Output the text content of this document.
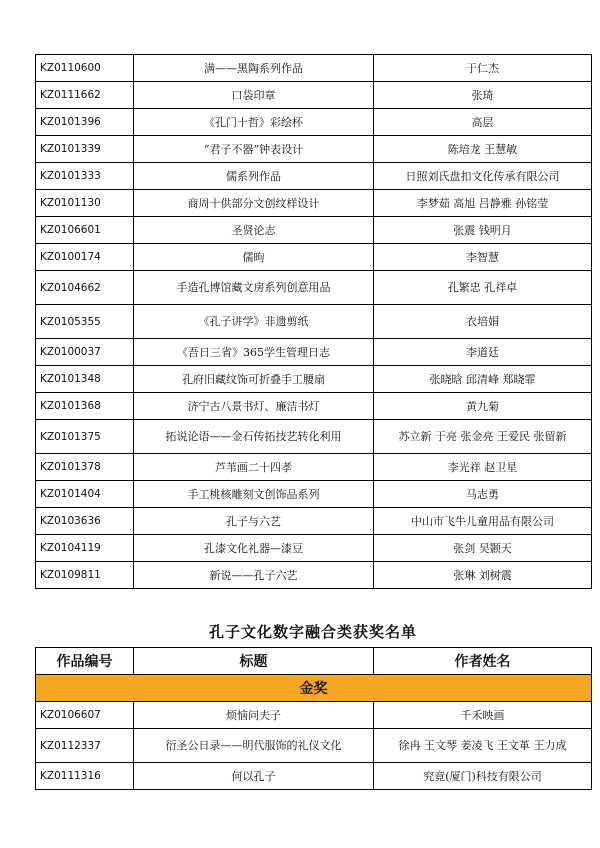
KZ0110600	满——黑陶系列作品	于仁杰
KZ0111662	口袋印章	张琦
KZ0101396	《孔门十哲》彩绘杯	高层
KZ0101339	“君子不器”钟表设计	陈培龙 王慧敏
KZ0101333	儒系列作品	日照刘氏盘扣文化传承有限公司
KZ0101130	商周十供部分文创纹样设计	李梦茹 高旭 吕静雅 孙铭莹
KZ0106601	圣贤论志	张震 钱明月
KZ0100174	儒昫	李智慧
KZ0104662	手造孔博馆藏文房系列创意用品	孔繁忠 孔祥卓
KZ0105355	《孔子讲学》非遗剪纸	衣培娟
KZ0100037	《吾日三省》365学生管理日志	李道廷
KZ0101348	孔府旧藏纹饰可折叠手工腰扇	张晓晗 邱清峰 郑晓霏
KZ0101368	济宁古八景书灯、廉洁书灯	黄九菊
KZ0101375	拓说论语——金石传拓技艺转化利用	苏立新 于亮 张金亮 王爱民 张留新
KZ0101378	芦苇画二十四孝	李光祥 赵卫星
KZ0101404	手工桃核雕刻文创饰品系列	马志勇
KZ0103636	孔子与六艺	中山市飞牛儿童用品有限公司
KZ0104119	孔漆文化礼器—漆豆	张剑 吴颢天
KZ0109811	新说——孔子六艺	张琳 刘树震
孔子文化数字融合类获奖名单
作品编号	标题	作者姓名
金奖		
KZ0106607	烦恼问夫子	千禾映画
KZ0112337	衍圣公日录——明代服饰的礼仪文化	徐冉 王文琴 姜凌飞 王文革 王力成
KZ0111316	何以孔子	究竟(厦门)科技有限公司
